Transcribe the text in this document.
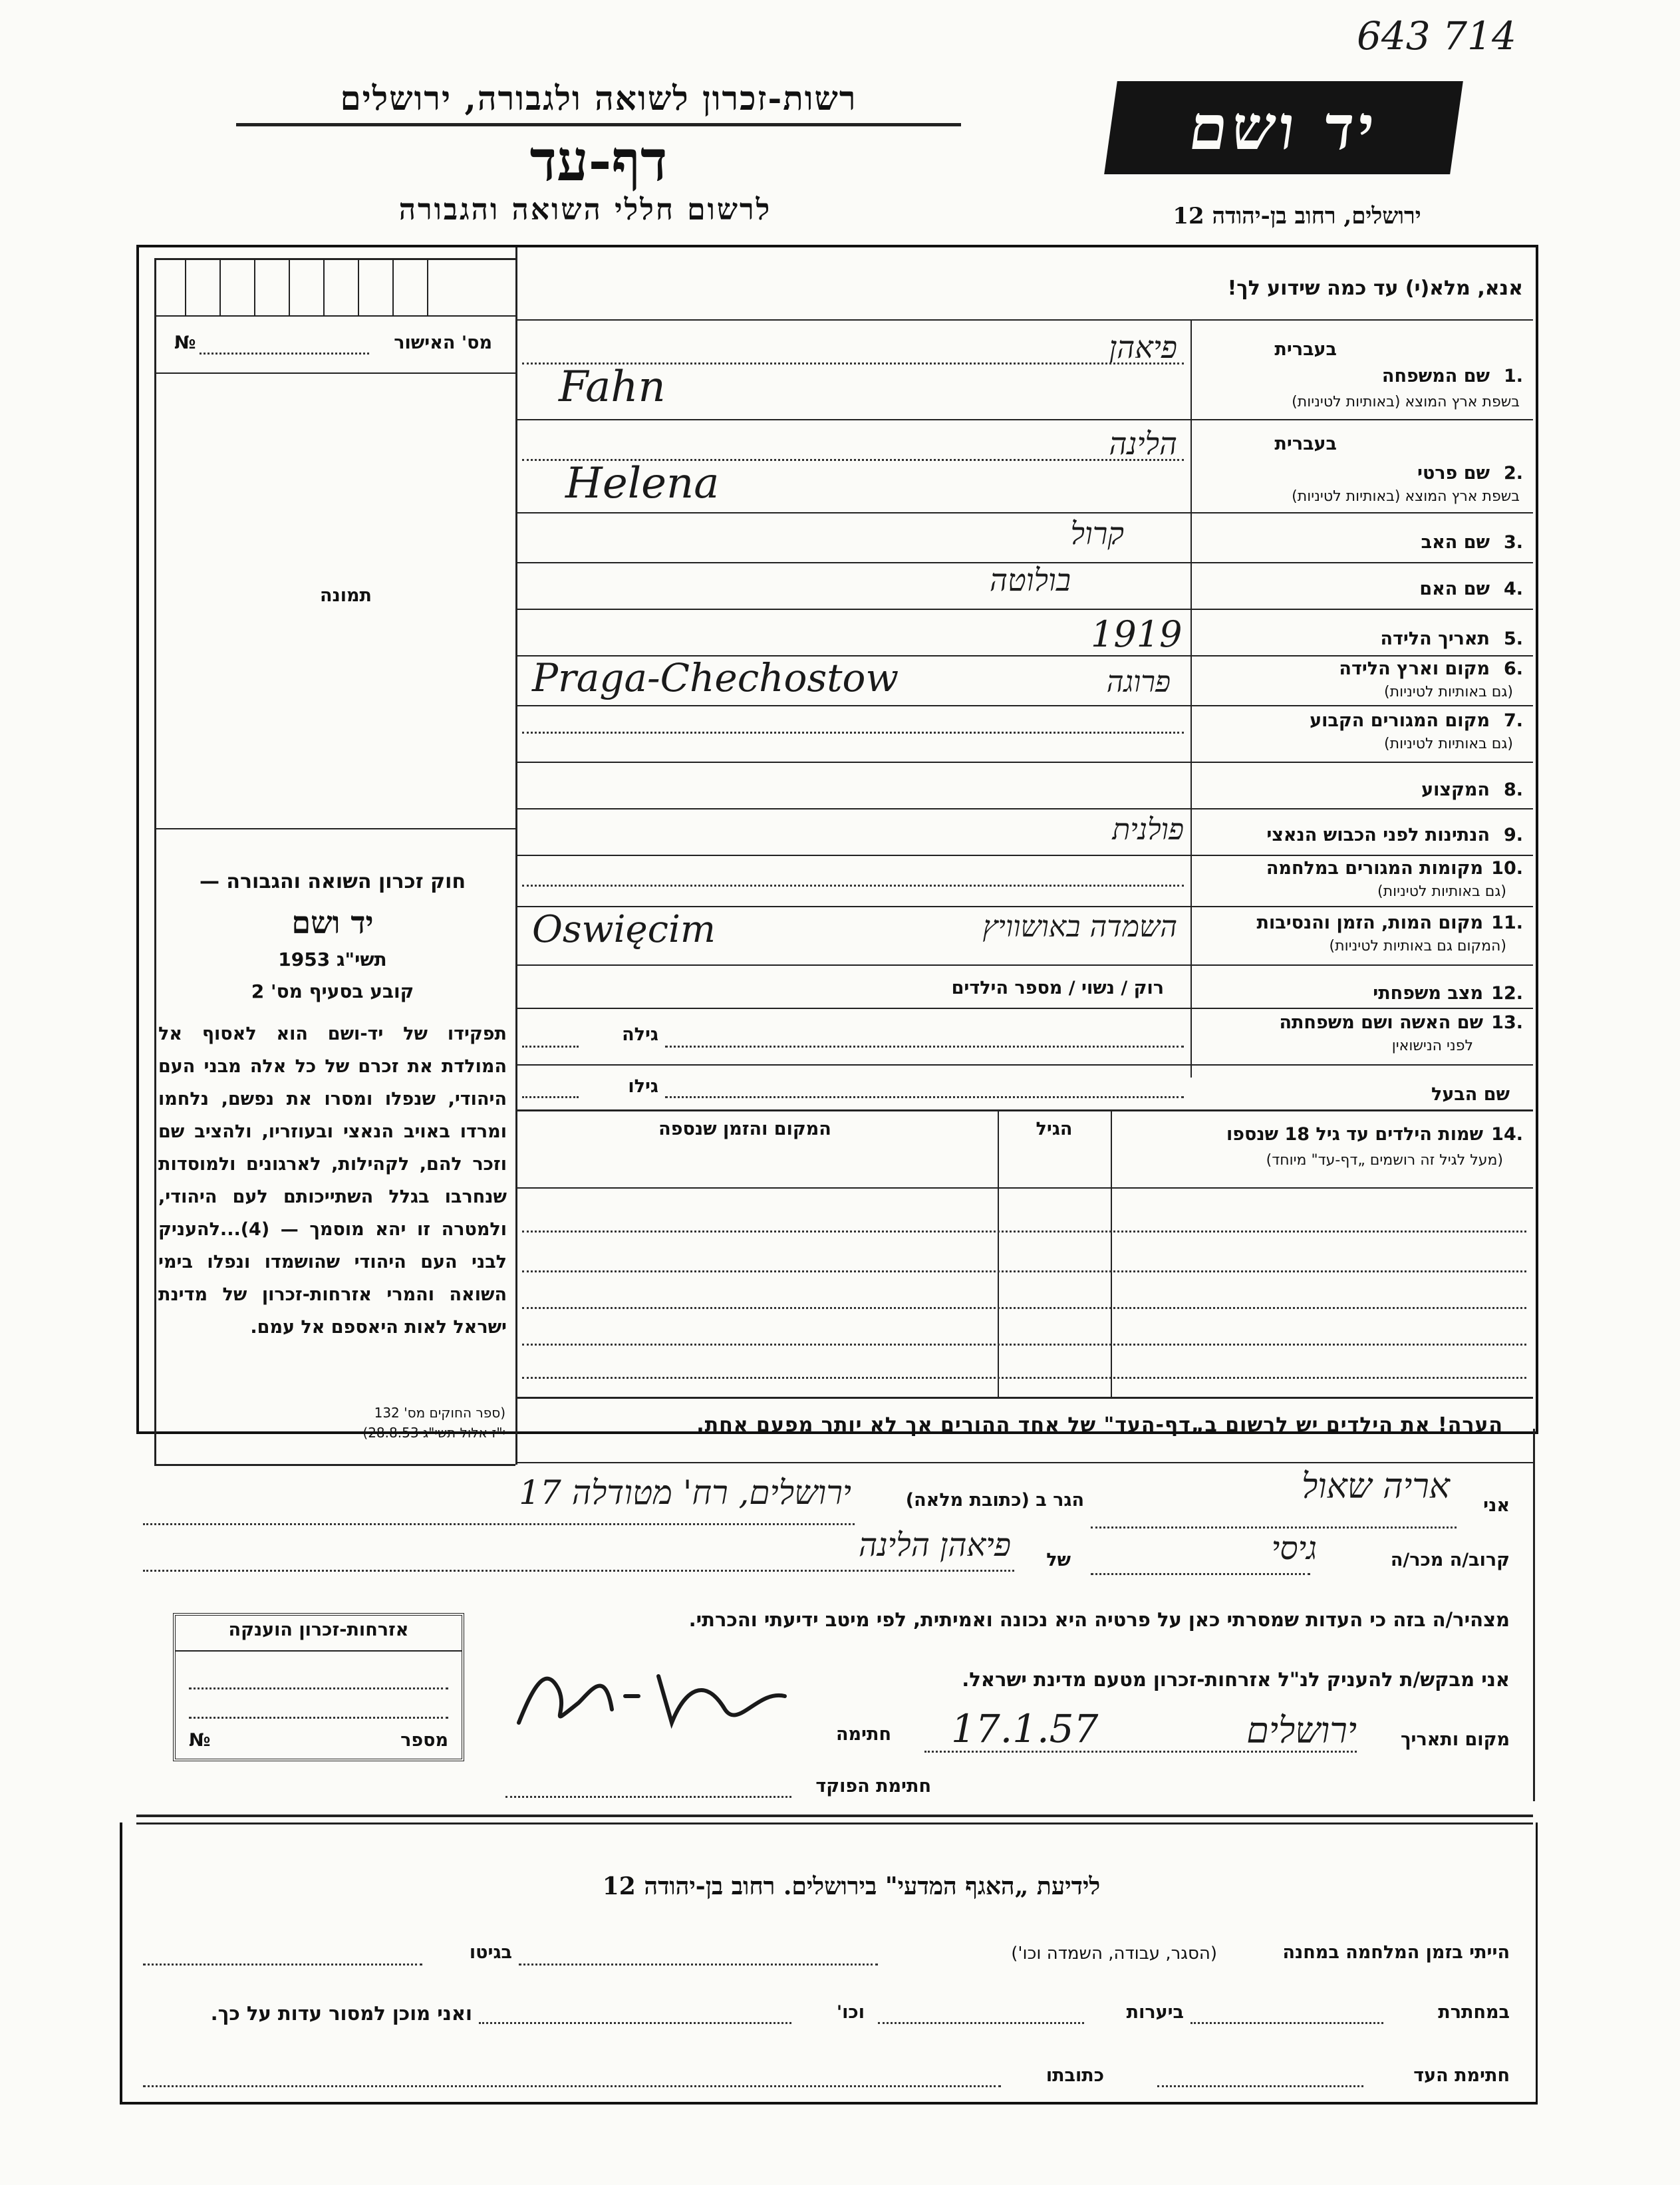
643 714
רשות-זכרון לשואה ולגבורה, ירושלים
דף-עד
לרשום חללי השואה והגבורה
יד ושם
ירושלים, רחוב בן-יהודה 12
מס' האישור
№
תמונה
חוק זכרון השואה והגבורה —
יד ושם
תשי"ג 1953
קובע בסעיף מס' 2
תפקידו של יד-ושם הוא לאסוף אל המולדת את זכרם של כל אלה מבני העם היהודי, שנפלו ומסרו את נפשם, נלחמו ומרדו באויב הנאצי ובעוזריו, ולהציב שם וזכר להם, לקהילות, לארגונים ולמוסדות שנחרבו בגלל השתייכותם לעם היהודי, ולמטרה זו יהא מוסמך — (4)...להעניק לבני העם היהודי שהושמדו ונפלו בימי השואה והמרי אזרחות-זכרון של מדינת ישראל לאות היאספם אל עמם.
(ספר החוקים מס' 132
י"ז אלול תשי"ג 28.8.53)
אנא, מלא(י) עד כמה שידוע לך!
בעברית
1.
שם המשפחה
בשפת ארץ המוצא (באותיות לטיניות)
פיאהן
Fahn
בעברית
2.
שם פרטי
בשפת ארץ המוצא (באותיות לטיניות)
הלינה
Helena
3.
שם האב
קרול
4.
שם האם
בולוטה
5.
תאריך הלידה
1919
6.
מקום וארץ הלידה
(גם באותיות לטיניות)
פרוגה
Praga-Chechostow
7.
מקום המגורים הקבוע
(גם באותיות לטיניות)
8.
המקצוע
9.
הנתינות לפני הכבוש הנאצי
פולנית
10.
מקומות המגורים במלחמה
(גם באותיות לטיניות)
11.
מקום המות, הזמן והנסיבות
(המקום גם באותיות לטיניות)
השמדה באושוויץ
Oswięcim
12.
מצב משפחתי
רוק / נשוי / מספר הילדים
13.
שם האשה ושם משפחתה
לפני הנישואין
גילה
שם הבעל
גילו
14.
שמות הילדים עד גיל 18 שנספו
(מעל לגיל זה רושמים „דף-עד" מיוחד)
הגיל
המקום והזמן שנספה
הערה! את הילדים יש לרשום ב„דף-העד" של אחד ההורים אך לא יותר מפעם אחת.
אני
אריה שאול
הגר ב (כתובת מלאה)
ירושלים, רח' מטודלה 17
קרוב/ה מכר/ה
גיסי
של
פיאהן הלינה
מצהיר/ה בזה כי העדות שמסרתי כאן על פרטיה היא נכונה ואמיתית, לפי מיטב ידיעתי והכרתי.
אזרחות-זכרון הוענקה
№	מספר
אני מבקש/ת להעניק לנ"ל אזרחות-זכרון מטעם מדינת ישראל.
מקום ותאריך
ירושלים
17.1.57
חתימה
חתימת הפוקד
לידיעת „האגף המדעי" בירושלים. רחוב בן-יהודה 12
הייתי בזמן המלחמה במחנה
(הסגר, עבודה, השמדה וכו')
בגיטו
במחתרת
ביערות
וכו'
ואני מוכן למסור עדות על כך.
חתימת העד
כתובתו
